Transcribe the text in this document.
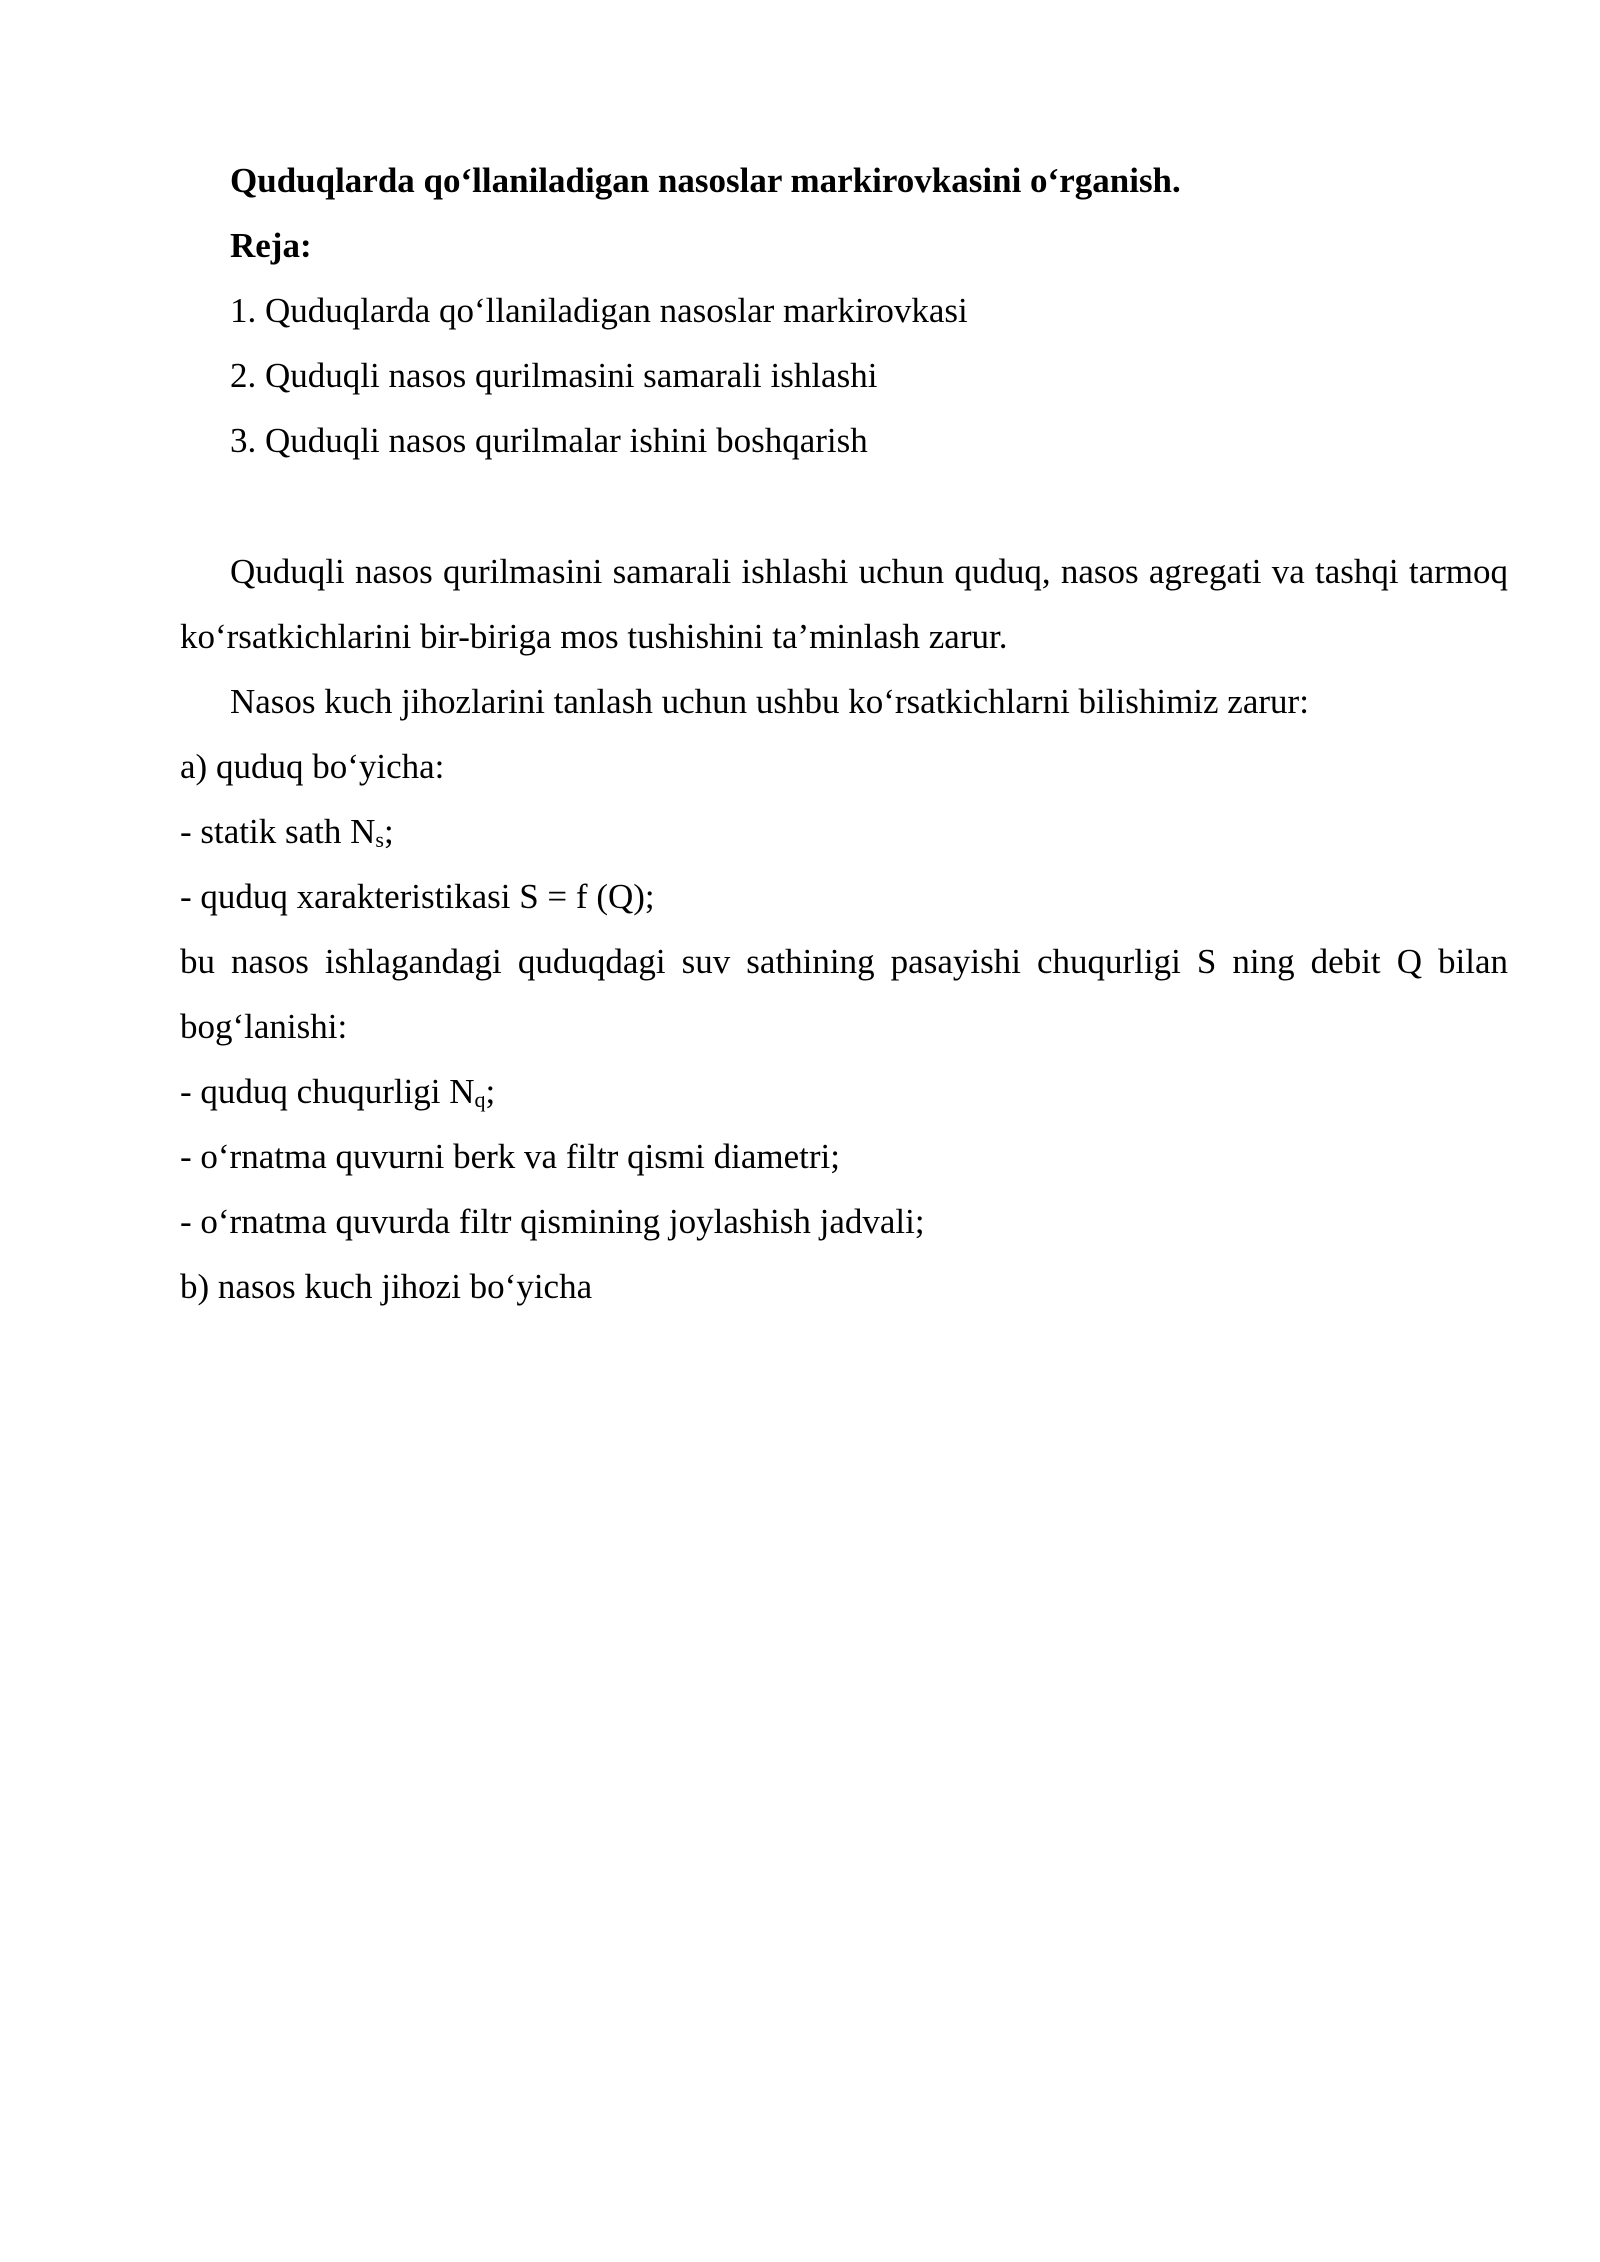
Quduqlarda qo‘llaniladigan nasoslar markirovkasini o‘rganish.

Reja:

1. Quduqlarda qo‘llaniladigan nasoslar markirovkasi

2. Quduqli nasos qurilmasini samarali ishlashi

3. Quduqli nasos qurilmalar ishini boshqarish

Quduqli nasos qurilmasini samarali ishlashi uchun quduq, nasos agregati va tashqi tarmoq ko‘rsatkichlarini bir-biriga mos tushishini ta’minlash zarur.

Nasos kuch jihozlarini tanlash uchun ushbu ko‘rsatkichlarni bilishimiz zarur:

a) quduq bo‘yicha:

- statik sath $N_s$;

- quduq xarakteristikasi S = f (Q);

bu nasos ishlagandagi quduqdagi suv sathining pasayishi chuqurligi S ning debit Q bilan bog‘lanishi:

- quduq chuqurligi $N_q$;

- o‘rnatma quvurni berk va filtr qismi diametri;

- o‘rnatma quvurda filtr qismining joylashish jadvali;

b) nasos kuch jihozi bo‘yicha
